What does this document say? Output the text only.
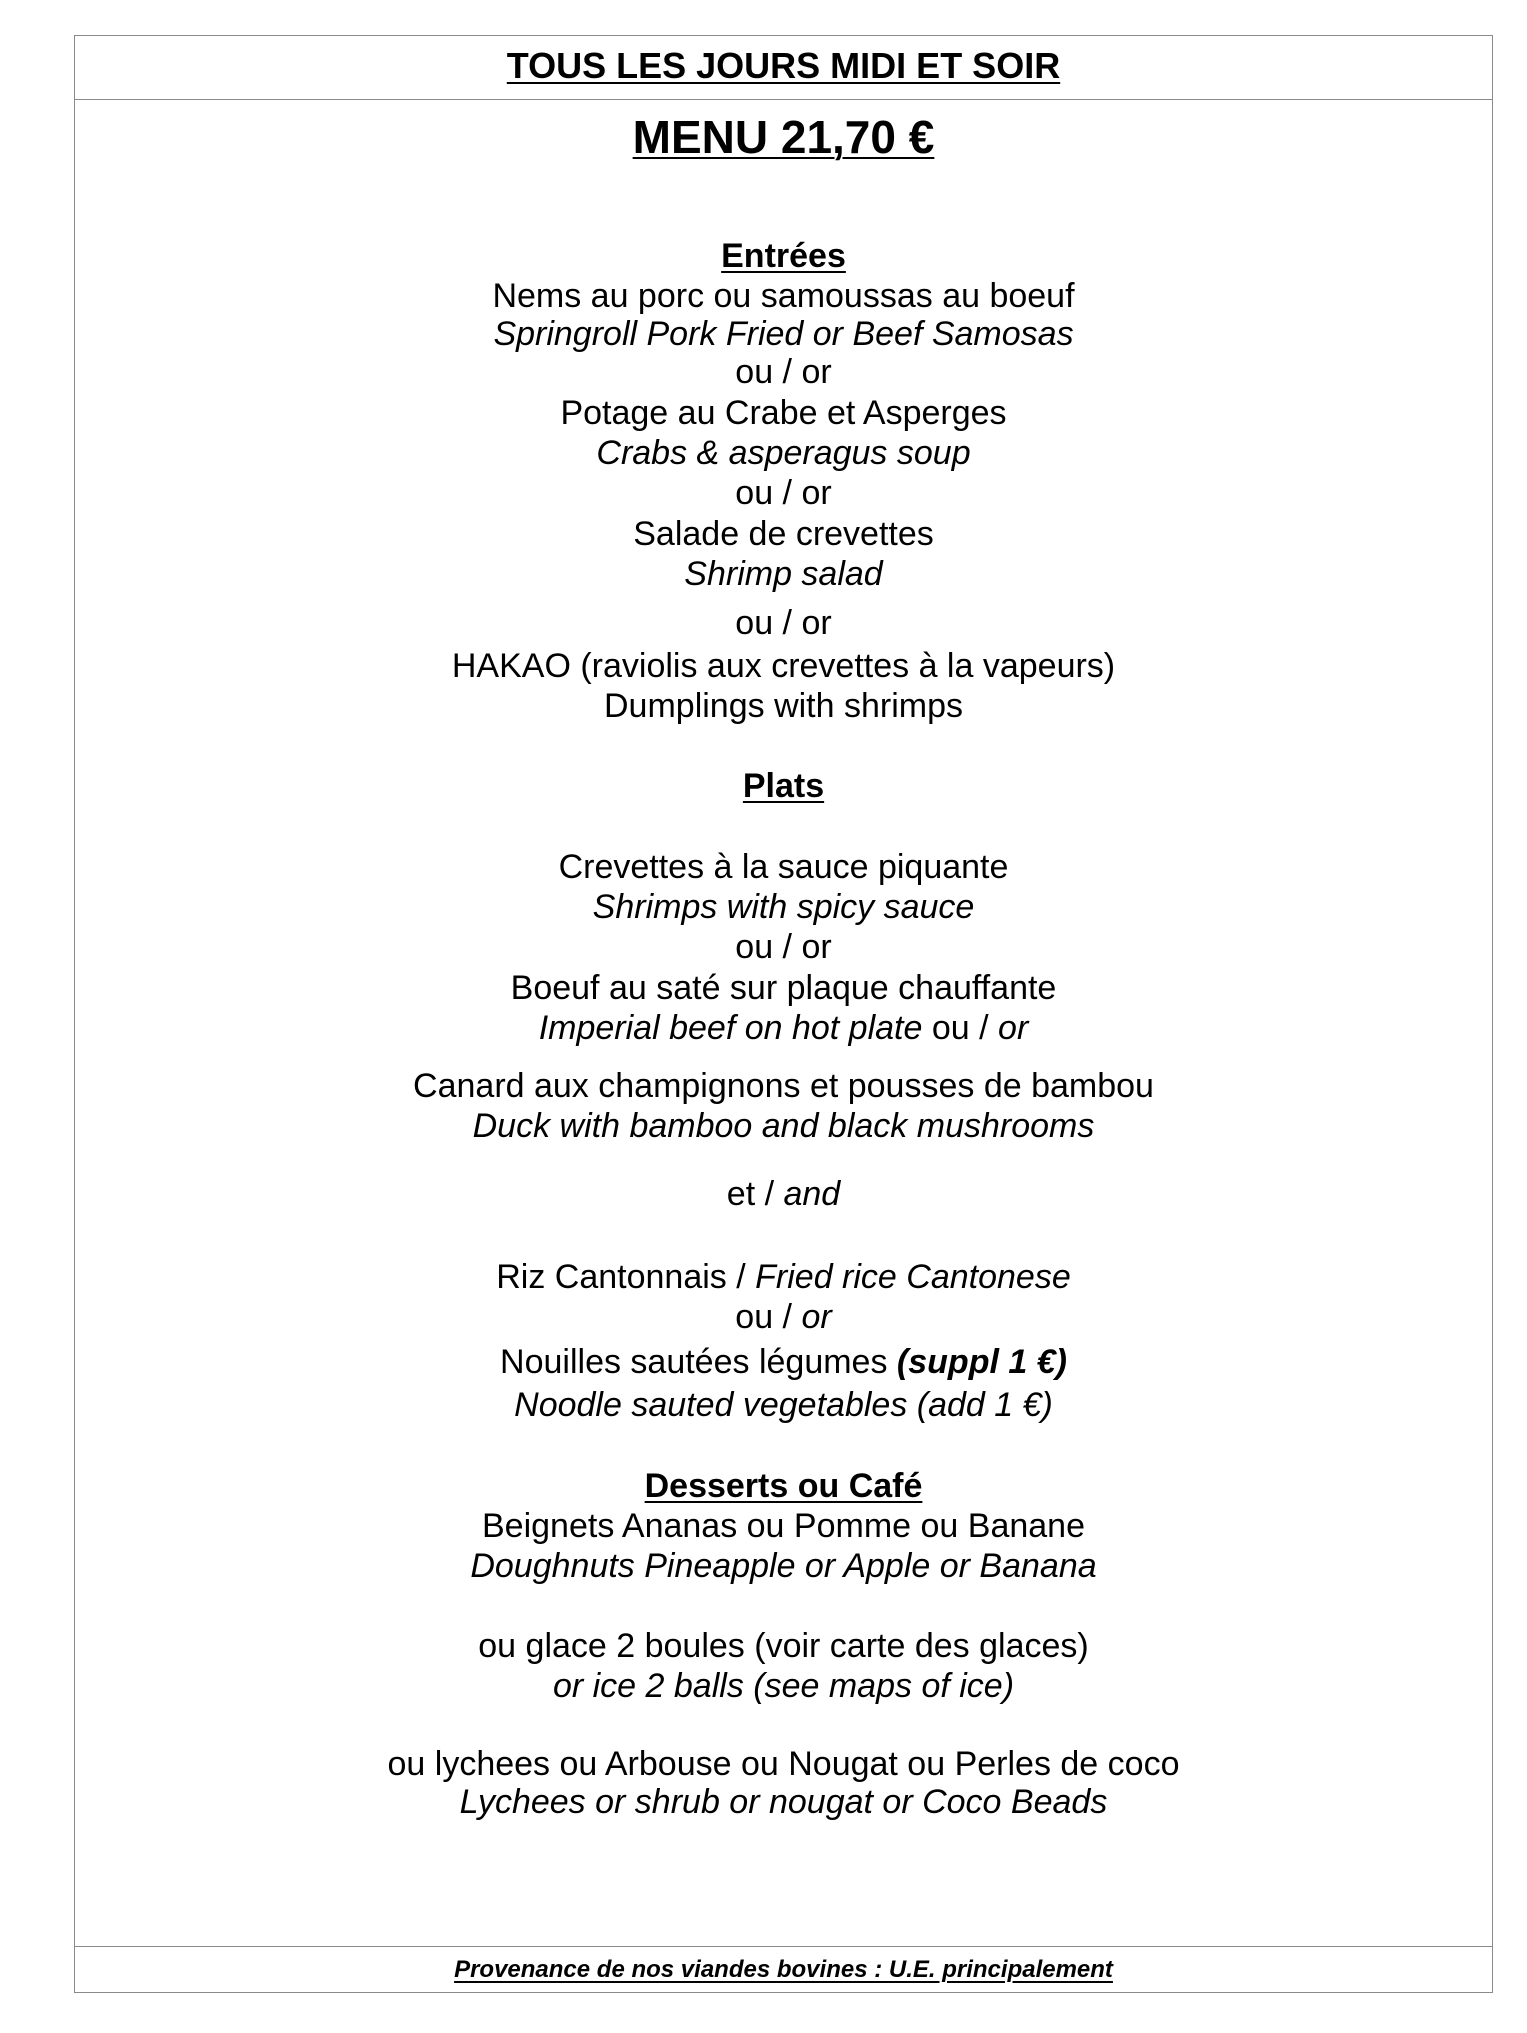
TOUS LES JOURS MIDI ET SOIR
MENU 21,70 €
Entrées
Nems au porc ou samoussas au boeuf
Springroll Pork Fried or Beef Samosas
ou / or
Potage au Crabe et Asperges
Crabs & asperagus soup
ou / or
Salade de crevettes
Shrimp salad
ou / or
HAKAO (raviolis aux crevettes à la vapeurs)
Dumplings with shrimps
Plats
Crevettes à la sauce piquante
Shrimps with spicy sauce
ou / or
Boeuf au saté sur plaque chauffante
Imperial beef on hot plate ou / or
Canard aux champignons et pousses de bambou
Duck with bamboo and black mushrooms
et / and
Riz Cantonnais / Fried rice Cantonese
ou / or
Nouilles sautées légumes (suppl 1 €)
Noodle sauted vegetables (add 1 €)
Desserts ou Café
Beignets Ananas ou Pomme ou Banane
Doughnuts Pineapple or Apple or Banana
ou glace 2 boules (voir carte des glaces)
or ice 2 balls (see maps of ice)
ou lychees ou Arbouse ou Nougat ou Perles de coco
Lychees or shrub or nougat or Coco Beads
Provenance de nos viandes bovines : U.E. principalement
